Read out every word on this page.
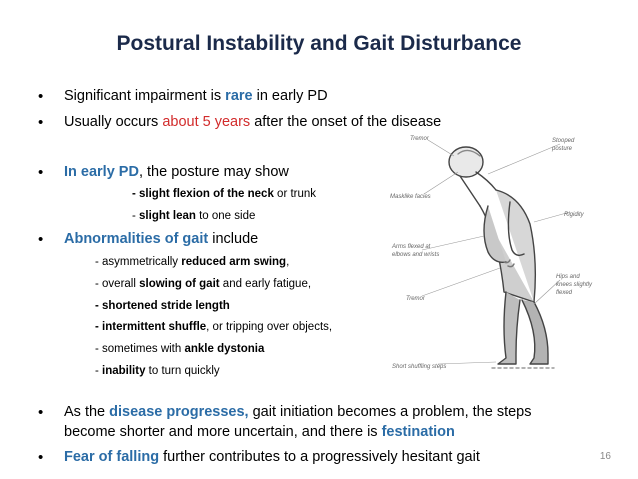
Postural Instability and Gait Disturbance
• Significant impairment is rare in early PD
• Usually occurs about 5 years after the onset of the disease
• In early PD, the posture may show
- slight flexion of the neck or trunk
- slight lean to one side
• Abnormalities of gait include
- asymmetrically reduced arm swing,
- overall slowing of gait and early fatigue,
- shortened stride length
- intermittent shuffle, or tripping over objects,
- sometimes with ankle dystonia
- inability to turn quickly
• As the disease progresses, gait initiation becomes a problem, the steps
become shorter and more uncertain, and there is festination
• Fear of falling further contributes to a progressively hesitant gait	16
Tremor	Stooped
posture
Masklike facies
Rigidity
Arms flexed at
elbows and wrists
Hips and
knees slightly
flexed
Tremor
Short shuffling steps
